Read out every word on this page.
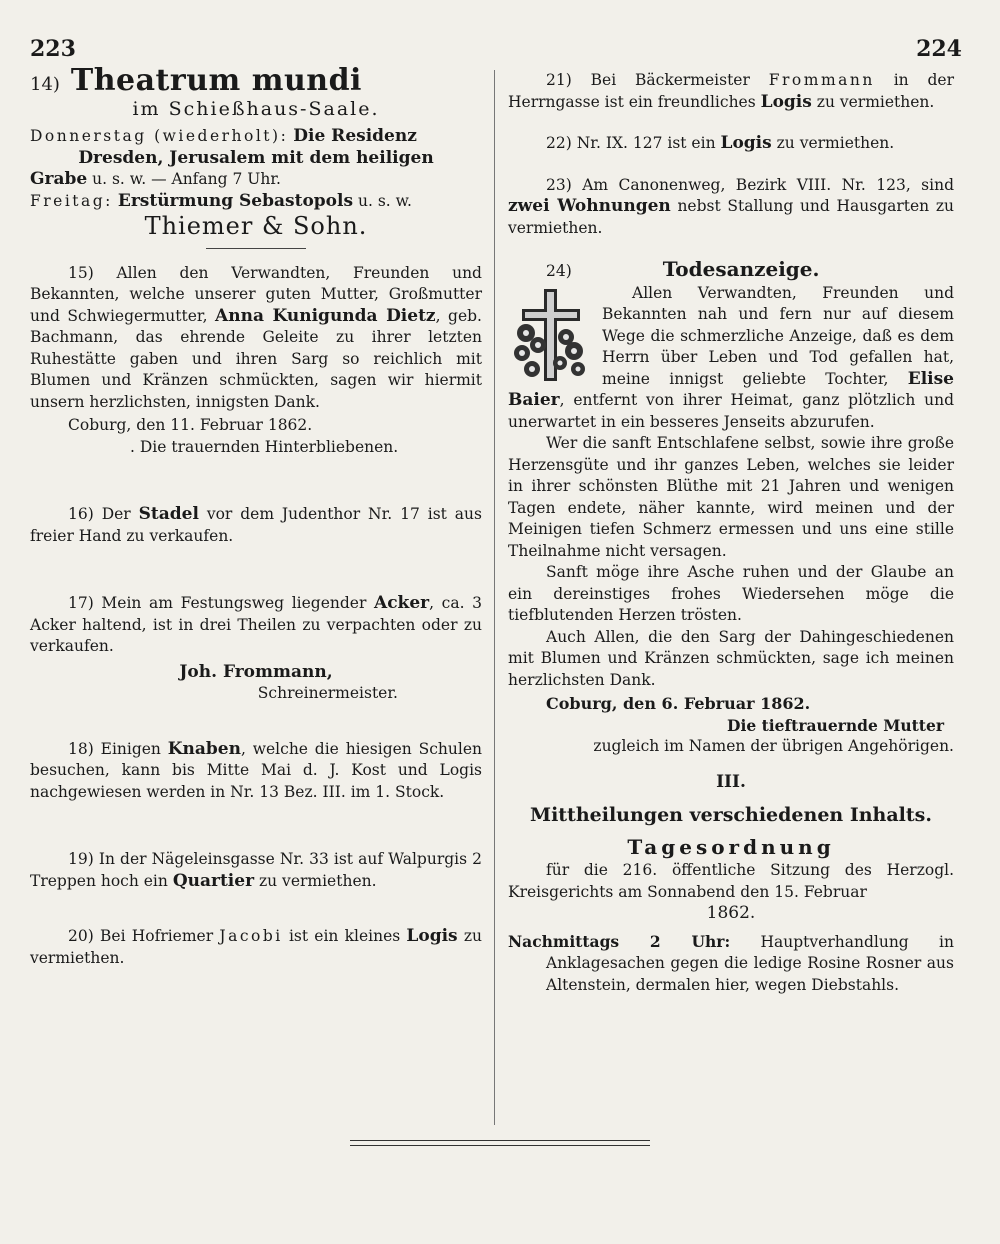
223	224
14) Theatrum mundi
im Schießhaus-Saale.
Donnerstag (wiederholt): Die Residenz
Dresden, Jerusalem mit dem heiligen
Grabe u. s. w. — Anfang 7 Uhr.
Freitag: Erstürmung Sebastopols u. s. w.
Thiemer & Sohn.

15) Allen den Verwandten, Freunden und Bekannten, welche unserer guten Mutter, Großmutter und Schwiegermutter, Anna Kunigunda Dietz, geb. Bachmann, das ehrende Geleite zu ihrer letzten Ruhestätte gaben und ihren Sarg so reichlich mit Blumen und Kränzen schmückten, sagen wir hiermit unsern herzlichsten, innigsten Dank.

Coburg, den 11. Februar 1862.

. Die trauernden Hinterbliebenen.

16) Der Stadel vor dem Judenthor Nr. 17 ist aus freier Hand zu verkaufen.

17) Mein am Festungsweg liegender Acker, ca. 3 Acker haltend, ist in drei Theilen zu verpachten oder zu verkaufen.

Joh. Frommann,

Schreinermeister.

18) Einigen Knaben, welche die hiesigen Schulen besuchen, kann bis Mitte Mai d. J. Kost und Logis nachgewiesen werden in Nr. 13 Bez. III. im 1. Stock.

19) In der Nägeleinsgasse Nr. 33 ist auf Walpurgis 2 Treppen hoch ein Quartier zu vermiethen.

20) Bei Hofriemer Jacobi ist ein kleines Logis zu vermiethen.

21) Bei Bäckermeister Frommann in der Herrngasse ist ein freundliches Logis zu vermiethen.

22) Nr. IX. 127 ist ein Logis zu vermiethen.

23) Am Canonenweg, Bezirk VIII. Nr. 123, sind zwei Wohnungen nebst Stallung und Hausgarten zu vermiethen.

24)	Todesanzeige.

Allen Verwandten, Freunden und Bekannten nah und fern nur auf diesem Wege die schmerzliche Anzeige, daß es dem Herrn über Leben und Tod gefallen hat, meine innigst geliebte Tochter, Elise Baier, entfernt von ihrer Heimat, ganz plötzlich und unerwartet in ein besseres Jenseits abzurufen.

Wer die sanft Entschlafene selbst, sowie ihre große Herzensgüte und ihr ganzes Leben, welches sie leider in ihrer schönsten Blüthe mit 21 Jahren und wenigen Tagen endete, näher kannte, wird meinen und der Meinigen tiefen Schmerz ermessen und uns eine stille Theilnahme nicht versagen.

Sanft möge ihre Asche ruhen und der Glaube an ein dereinstiges frohes Wiedersehen möge die tiefblutenden Herzen trösten.

Auch Allen, die den Sarg der Dahingeschiedenen mit Blumen und Kränzen schmückten, sage ich meinen herzlichsten Dank.

Coburg, den 6. Februar 1862.

Die tieftrauernde Mutter

zugleich im Namen der übrigen Angehörigen.

III.
Mittheilungen verschiedenen Inhalts.
Tagesordnung

für die 216. öffentliche Sitzung des Herzogl. Kreisgerichts am Sonnabend den 15. Februar

1862.

Nachmittags 2 Uhr: Hauptverhandlung in Anklagesachen gegen die ledige Rosine Rosner aus Altenstein, dermalen hier, wegen Diebstahls.
